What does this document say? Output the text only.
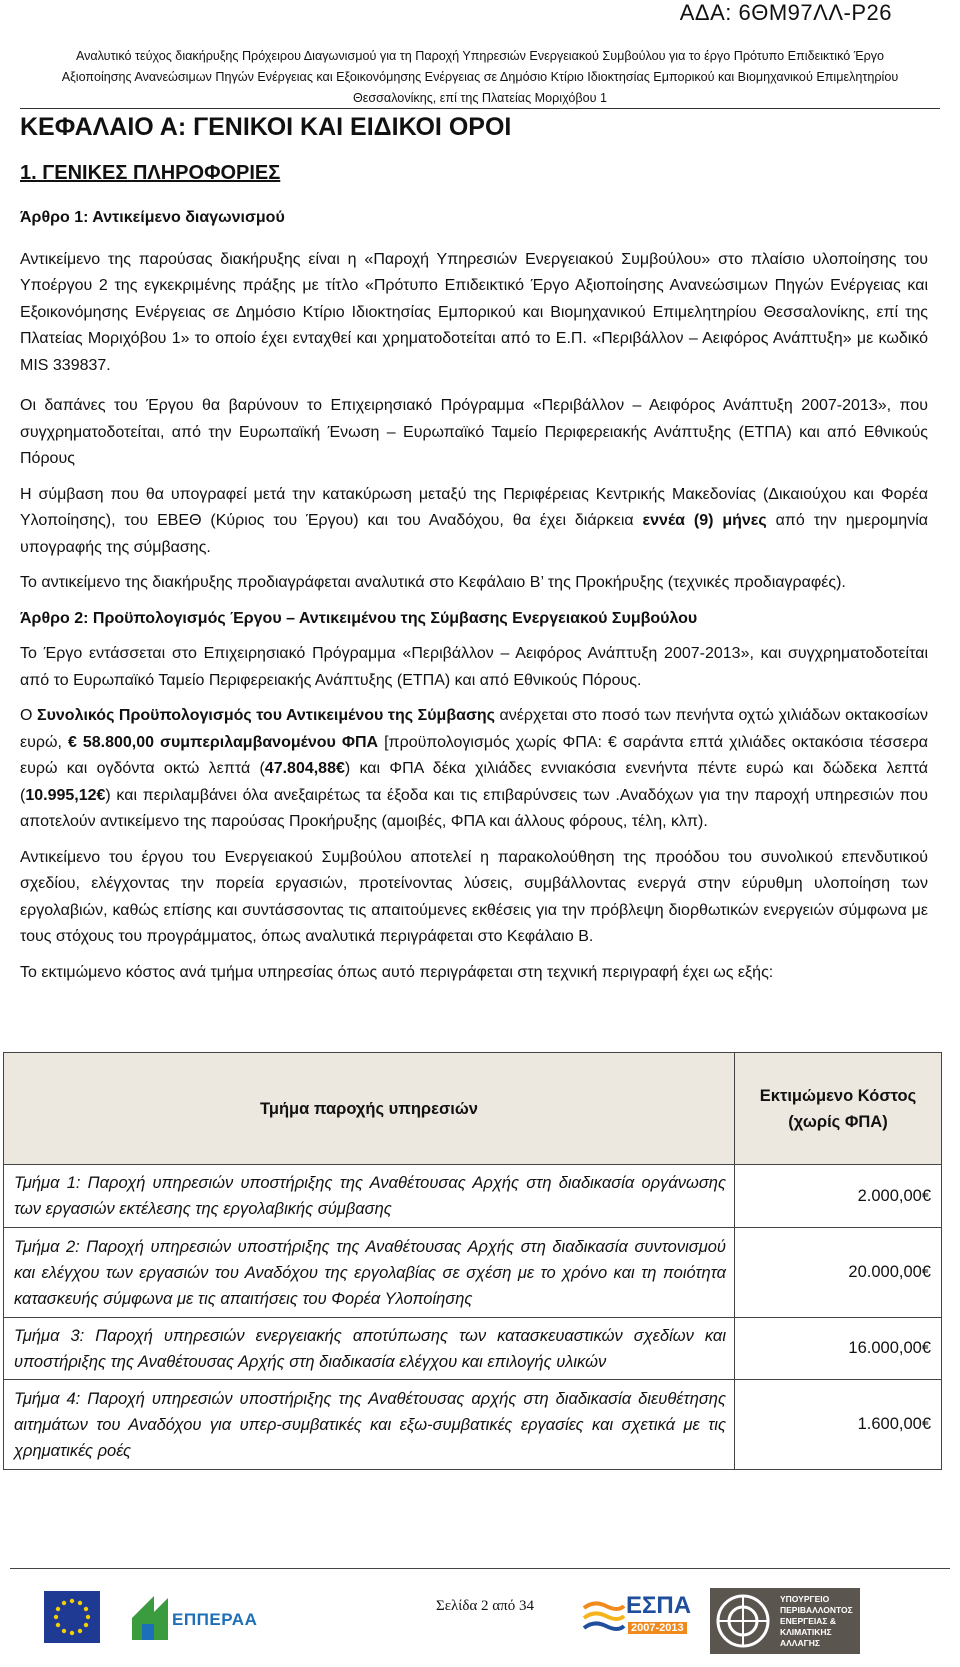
ΑΔΑ: 6ΘΜ97ΛΛ-Ρ26
Αναλυτικό τεύχος διακήρυξης Πρόχειρου Διαγωνισμού για τη Παροχή Υπηρεσιών Ενεργειακού Συμβούλου για το έργο Πρότυπο Επιδεικτικό Έργο
Αξιοποίησης Ανανεώσιμων Πηγών Ενέργειας και Εξοικονόμησης Ενέργειας σε Δημόσιο Κτίριο Ιδιοκτησίας Εμπορικού και Βιομηχανικού Επιμελητηρίου
Θεσσαλονίκης, επί της Πλατείας Μοριχόβου 1
ΚΕΦΑΛΑΙΟ Α: ΓΕΝΙΚΟΙ ΚΑΙ ΕΙΔΙΚΟΙ ΟΡΟΙ
1. ΓΕΝΙΚΕΣ ΠΛΗΡΟΦΟΡΙΕΣ
Άρθρο 1: Αντικείμενο διαγωνισμού

Αντικείμενο της παρούσας διακήρυξης είναι η «Παροχή Υπηρεσιών Ενεργειακού Συμβούλου» στο πλαίσιο υλοποίησης του Υποέργου 2 της εγκεκριμένης πράξης με τίτλο «Πρότυπο Επιδεικτικό Έργο Αξιοποίησης Ανανεώσιμων Πηγών Ενέργειας και Εξοικονόμησης Ενέργειας σε Δημόσιο Κτίριο Ιδιοκτησίας Εμπορικού και Βιομηχανικού Επιμελητηρίου Θεσσαλονίκης, επί της Πλατείας Μοριχόβου 1» το οποίο έχει ενταχθεί και χρηματοδοτείται από το Ε.Π. «Περιβάλλον – Αειφόρος Ανάπτυξη» με κωδικό MIS 339837.

Οι δαπάνες του Έργου θα βαρύνουν το Επιχειρησιακό Πρόγραμμα «Περιβάλλον – Αειφόρος Ανάπτυξη 2007-2013», που συγχρηματοδοτείται, από την Ευρωπαϊκή Ένωση – Ευρωπαϊκό Ταμείο Περιφερειακής Ανάπτυξης (ΕΤΠΑ) και από Εθνικούς Πόρους

Η σύμβαση που θα υπογραφεί μετά την κατακύρωση μεταξύ της Περιφέρειας Κεντρικής Μακεδονίας (Δικαιούχου και Φορέα Υλοποίησης), του ΕΒΕΘ (Κύριος του Έργου) και του Αναδόχου, θα έχει διάρκεια εννέα (9) μήνες από την ημερομηνία υπογραφής της σύμβασης.

Το αντικείμενο της διακήρυξης προδιαγράφεται αναλυτικά στο Κεφάλαιο Β’ της Προκήρυξης (τεχνικές προδιαγραφές).

Άρθρο 2: Προϋπολογισμός Έργου – Αντικειμένου της Σύμβασης Ενεργειακού Συμβούλου

Το Έργο εντάσσεται στο Επιχειρησιακό Πρόγραμμα «Περιβάλλον – Αειφόρος Ανάπτυξη 2007-2013», και συγχρηματοδοτείται από το Ευρωπαϊκό Ταμείο Περιφερειακής Ανάπτυξης (ΕΤΠΑ) και από Εθνικούς Πόρους.

Ο Συνολικός Προϋπολογισμός του Αντικειμένου της Σύμβασης ανέρχεται στο ποσό των πενήντα οχτώ χιλιάδων οκτακοσίων ευρώ, € 58.800,00 συμπεριλαμβανομένου ΦΠΑ [προϋπολογισμός χωρίς ΦΠΑ: € σαράντα επτά χιλιάδες οκτακόσια τέσσερα ευρώ και ογδόντα οκτώ λεπτά (47.804,88€) και ΦΠΑ δέκα χιλιάδες εννιακόσια ενενήντα πέντε ευρώ και δώδεκα λεπτά (10.995,12€) και περιλαμβάνει όλα ανεξαιρέτως τα έξοδα και τις επιβαρύνσεις των .Αναδόχων για την παροχή υπηρεσιών που αποτελούν αντικείμενο της παρούσας Προκήρυξης (αμοιβές, ΦΠΑ και άλλους φόρους, τέλη, κλπ).

Αντικείμενο του έργου του Ενεργειακού Συμβούλου αποτελεί η παρακολούθηση της προόδου του συνολικού επενδυτικού σχεδίου, ελέγχοντας την πορεία εργασιών, προτείνοντας λύσεις, συμβάλλοντας ενεργά στην εύρυθμη υλοποίηση των εργολαβιών, καθώς επίσης και συντάσσοντας τις απαιτούμενες εκθέσεις για την πρόβλεψη διορθωτικών ενεργειών σύμφωνα με τους στόχους του προγράμματος, όπως αναλυτικά περιγράφεται στο Κεφάλαιο Β.

Το εκτιμώμενο κόστος ανά τμήμα υπηρεσίας όπως αυτό περιγράφεται στη τεχνική περιγραφή έχει ως εξής:

Τμήμα παροχής υπηρεσιών	Εκτιμώμενο Κόστος
(χωρίς ΦΠΑ)

Τμήμα 1: Παροχή υπηρεσιών υποστήριξης της Αναθέτουσας Αρχής στη διαδικασία οργάνωσης των εργασιών εκτέλεσης της εργολαβικής σύμβασης	2.000,00€
Τμήμα 2: Παροχή υπηρεσιών υποστήριξης της Αναθέτουσας Αρχής στη διαδικασία συντονισμού και ελέγχου των εργασιών του Αναδόχου της εργολαβίας σε σχέση με το χρόνο και τη ποιότητα κατασκευής σύμφωνα με τις απαιτήσεις του Φορέα Υλοποίησης	20.000,00€
Τμήμα 3: Παροχή υπηρεσιών ενεργειακής αποτύπωσης των κατασκευαστικών σχεδίων και υποστήριξης της Αναθέτουσας Αρχής στη διαδικασία ελέγχου και επιλογής υλικών	16.000,00€
Τμήμα 4: Παροχή υπηρεσιών υποστήριξης της Αναθέτουσας αρχής στη διαδικασία διευθέτησης αιτημάτων του Αναδόχου για υπερ-συμβατικές και εξω-συμβατικές εργασίες και σχετικά με τις χρηματικές ροές	1.600,00€
ΕΠΠΕΡΑΑ
Σελίδα 2 από 34	ΕΣΠΑ
2007-2013
ΥΠΟΥΡΓΕΙΟ ΠΕΡΙΒΑΛΛΟΝΤΟΣ ΕΝΕΡΓΕΙΑΣ & ΚΛΙΜΑΤΙΚΗΣ ΑΛΛΑΓΗΣ
